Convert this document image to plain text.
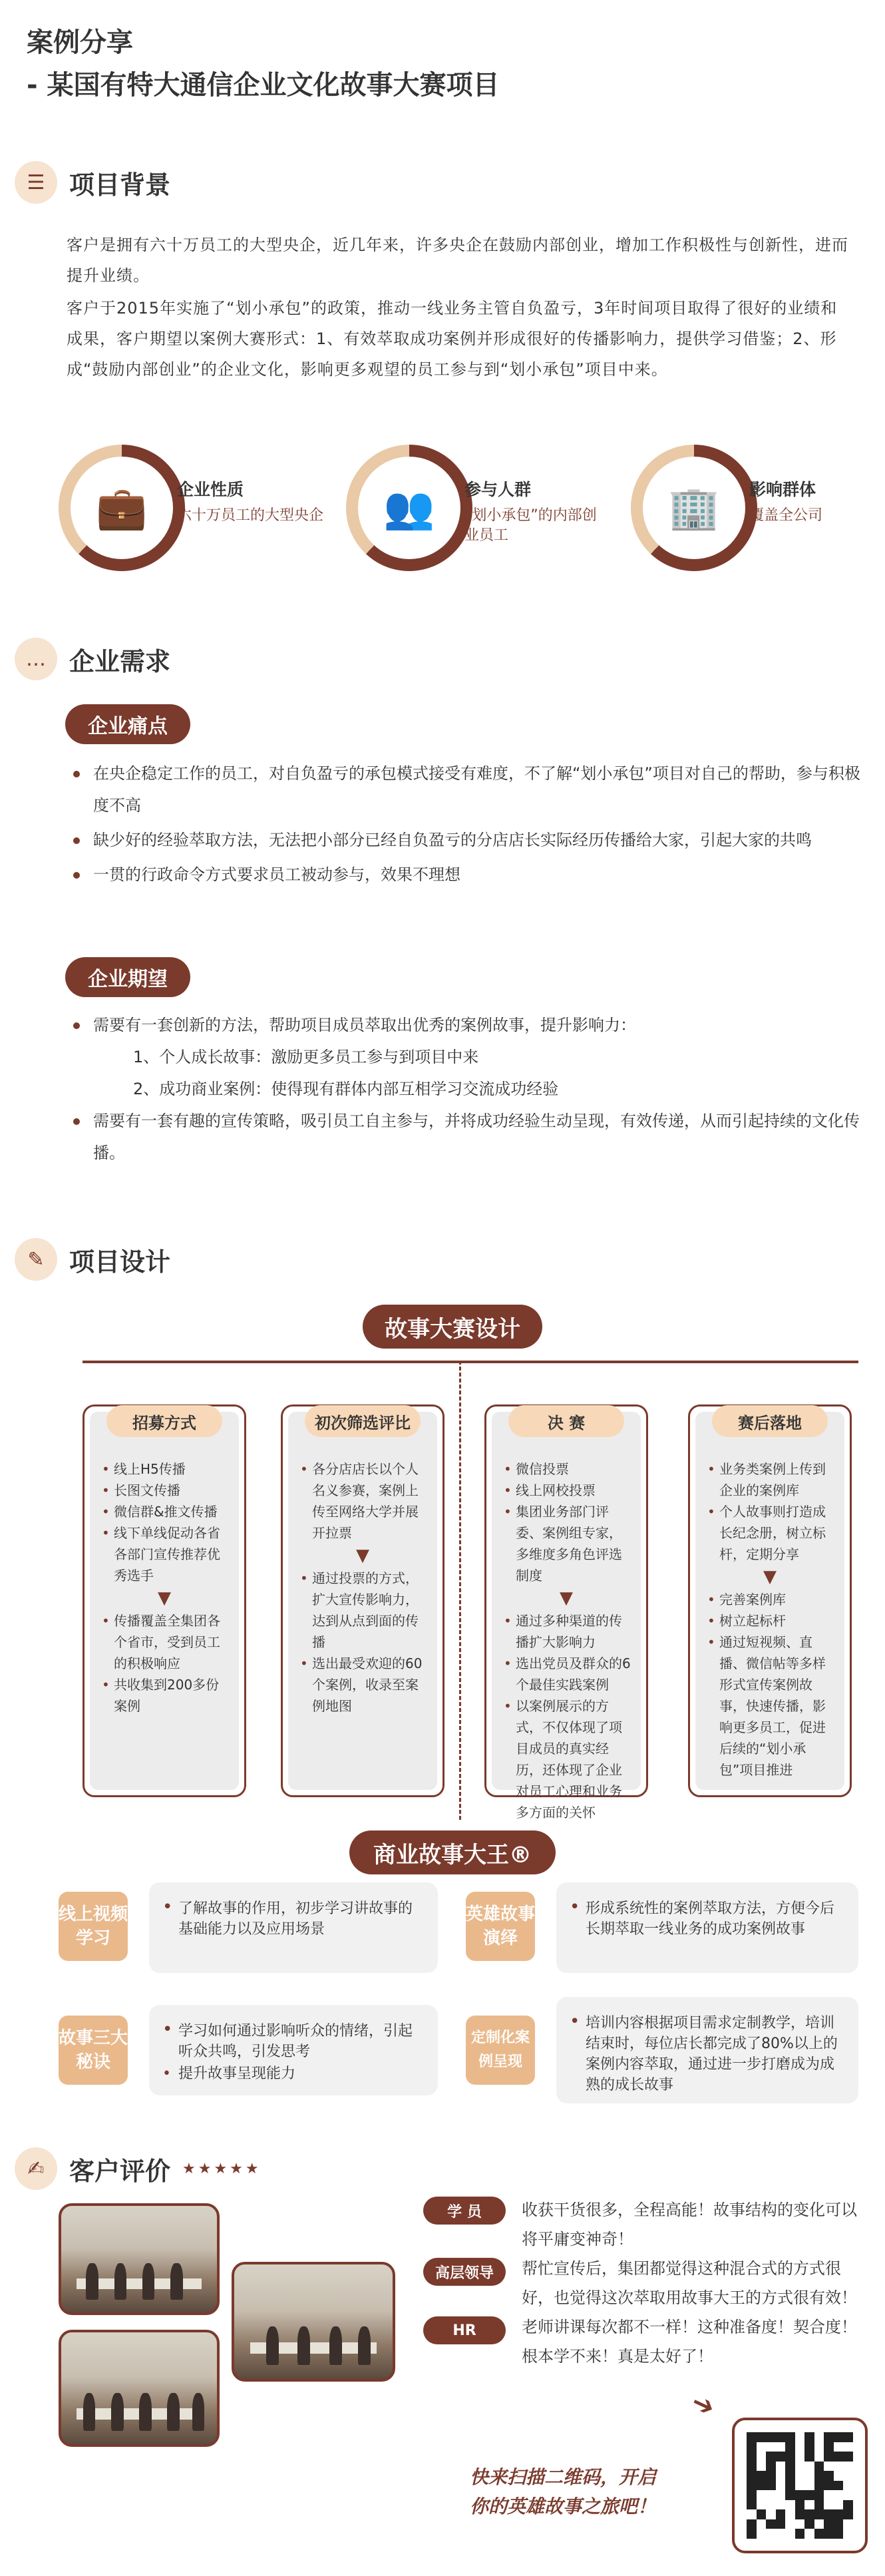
案例分享
- 某国有特大通信企业文化故事大赛项目
☰ 项目背景
客户是拥有六十万员工的大型央企，近几年来，许多央企在鼓励内部创业，增加工作积极性与创新性，进而提升业绩。
客户于2015年实施了“划小承包”的政策，推动一线业务主管自负盈亏，3年时间项目取得了很好的业绩和成果，客户期望以案例大赛形式：1、有效萃取成功案例并形成很好的传播影响力，提供学习借鉴；2、形成“鼓励内部创业”的企业文化，影响更多观望的员工参与到“划小承包”项目中来。
💼 企业性质
六十万员工的大型央企 👥 参与人群
“划小承包”的内部创业员工
🏢 影响群体
覆盖全公司
… 企业需求
企业痛点
在央企稳定工作的员工，对自负盈亏的承包模式接受有难度，不了解“划小承包”项目对自己的帮助，参与积极度不高
缺少好的经验萃取方法，无法把小部分已经自负盈亏的分店店长实际经历传播给大家，引起大家的共鸣
一贯的行政命令方式要求员工被动参与，效果不理想
企业期望
需要有一套创新的方法，帮助项目成员萃取出优秀的案例故事，提升影响力：
1、个人成长故事：激励更多员工参与到项目中来
2、成功商业案例：使得现有群体内部互相学习交流成功经验
需要有一套有趣的宣传策略，吸引员工自主参与，并将成功经验生动呈现，有效传递，从而引起持续的文化传播。
✎ 项目设计
故事大赛设计
招募方式
• 线上H5传播
• 长图文传播
• 微信群&推文传播
• 线下单线促动各省各部门宣传推荐优秀选手
▼
• 传播覆盖全集团各个省市，受到员工的积极响应
• 共收集到200多份案例
初次筛选评比
• 各分店店长以个人名义参赛，案例上传至网络大学并展开拉票
▼
• 通过投票的方式，扩大宣传影响力，达到从点到面的传播
• 选出最受欢迎的60个案例，收录至案例地图
决 赛
• 微信投票
• 线上网校投票
• 集团业务部门评委、案例组专家，多维度多角色评选制度
▼
• 通过多种渠道的传播扩大影响力
• 选出党员及群众的6个最佳实践案例
• 以案例展示的方式，不仅体现了项目成员的真实经历，还体现了企业对员工心理和业务多方面的关怀
赛后落地
• 业务类案例上传到企业的案例库
• 个人故事则打造成长纪念册，树立标杆，定期分享
▼
• 完善案例库
• 树立起标杆
• 通过短视频、直播、微信帖等多样形式宣传案例故事，快速传播，影响更多员工，促进后续的“划小承包”项目推进
商业故事大王®
线上视频学习
• 了解故事的作用，初步学习讲故事的基础能力以及应用场景
英雄故事演绎
• 形成系统性的案例萃取方法，方便今后长期萃取一线业务的成功案例故事
故事三大秘诀
• 学习如何通过影响听众的情绪，引起听众共鸣，引发思考
• 提升故事呈现能力
定制化案例呈现
• 培训内容根据项目需求定制教学，培训结束时，每位店长都完成了80%以上的案例内容萃取，通过进一步打磨成为成熟的成长故事
✍ 客户评价 ★★★★★
学 员	收获干货很多，全程高能！故事结构的变化可以将平庸变神奇！
高层领导	帮忙宣传后，集团都觉得这种混合式的方式很好，也觉得这次萃取用故事大王的方式很有效！
HR	老师讲课每次都不一样！这种准备度！契合度！根本学不来！真是太好了！
➔
快来扫描二维码，开启
你的英雄故事之旅吧！
